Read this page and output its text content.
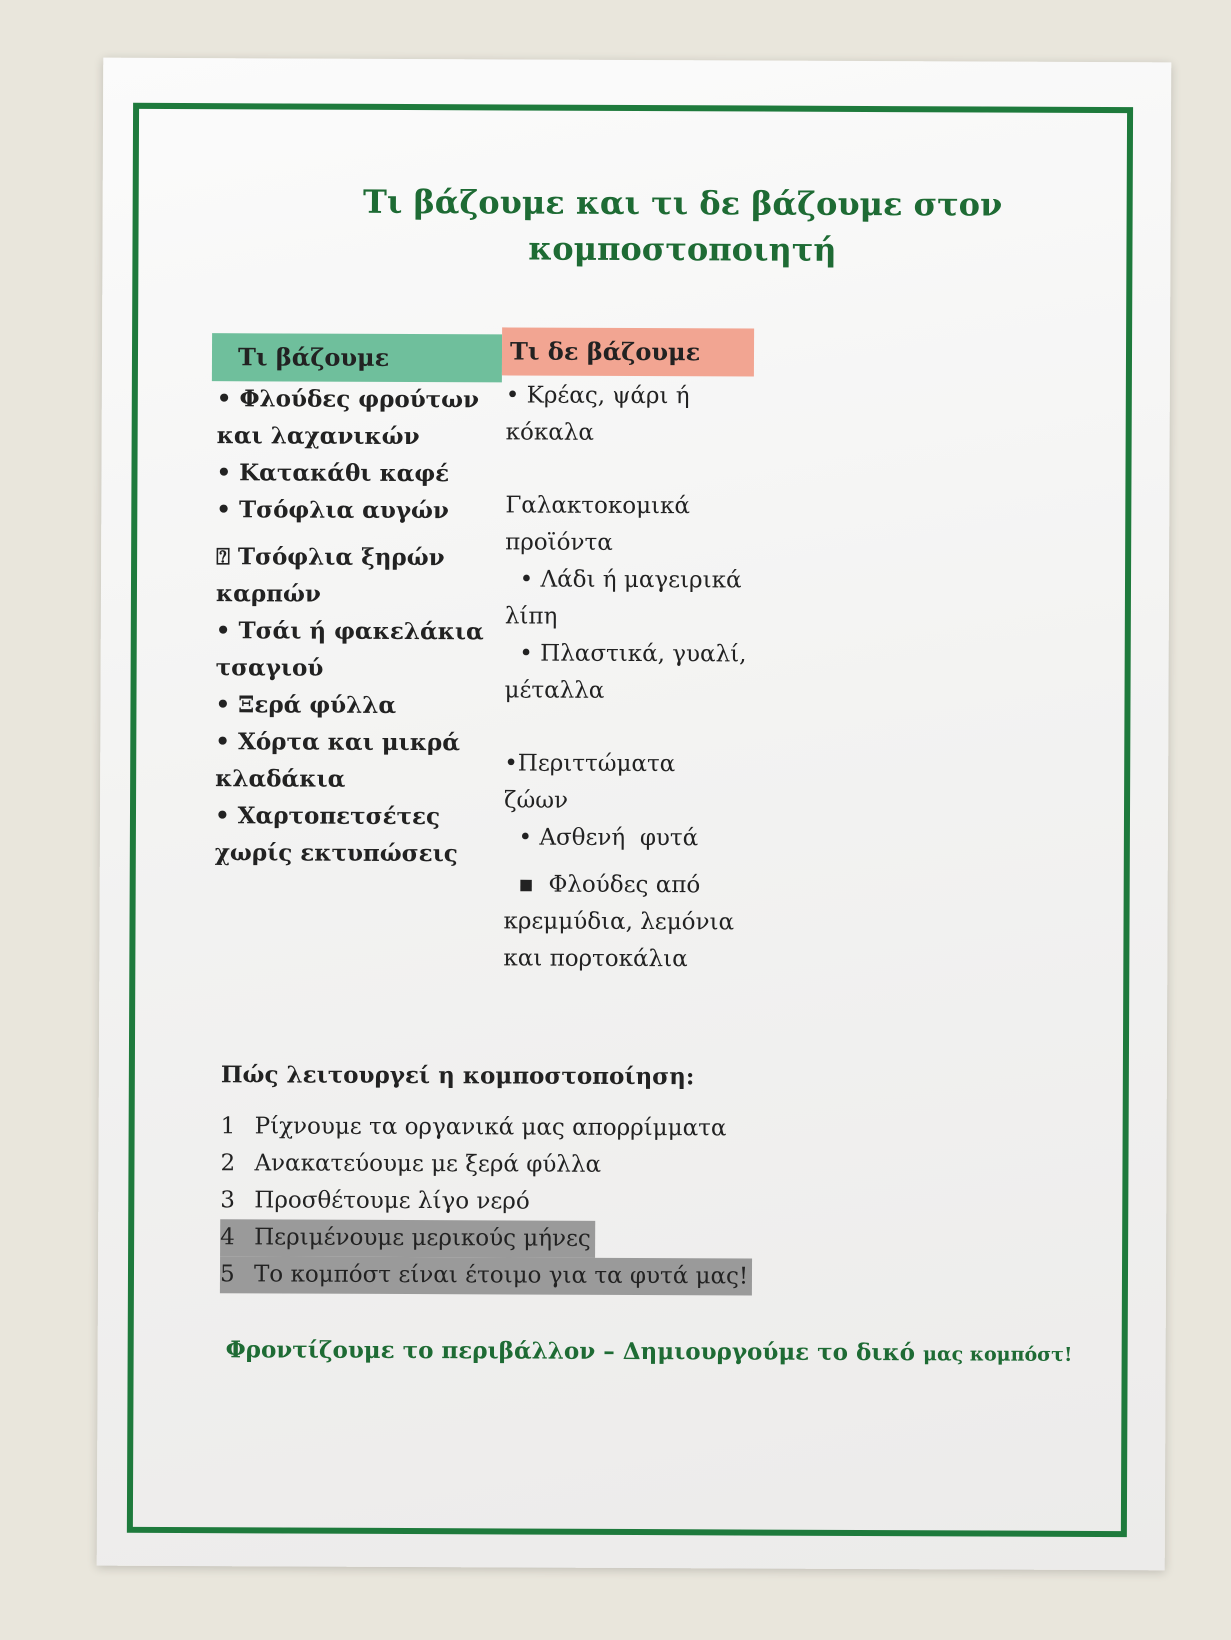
Τι βάζουμε και τι δε βάζουμε στον
κομποστοποιητή
Τι βάζουμε	Τι δε βάζουμε
• Φλούδες φρούτων
και λαχανικών
• Κατακάθι καφέ
• Τσόφλια αυγών
⍰ Τσόφλια ξηρών
καρπών
• Τσάι ή φακελάκια
τσαγιού
• Ξερά φύλλα
• Χόρτα και μικρά
κλαδάκια
• Χαρτοπετσέτες
χωρίς εκτυπώσεις
• Κρέας, ψάρι ή
κόκαλα
Γαλακτοκομικά
προϊόντα
• Λάδι ή μαγειρικά
λίπη
• Πλαστικά, γυαλί,
μέταλλα
•Περιττώματα
ζώων
• Ασθενή  φυτά
▪  Φλούδες από
κρεμμύδια, λεμόνια
και πορτοκάλια
Πώς λειτουργεί η κομποστοποίηση:
1 Ρίχνουμε τα οργανικά μας απορρίμματα
2 Ανακατεύουμε με ξερά φύλλα
3 Προσθέτουμε λίγο νερό
4 Περιμένουμε μερικούς μήνες
5 Το κομπόστ είναι έτοιμο για τα φυτά μας!

Φροντίζουμε το περιβάλλον – Δημιουργούμε το δικό μας κομπόστ!
